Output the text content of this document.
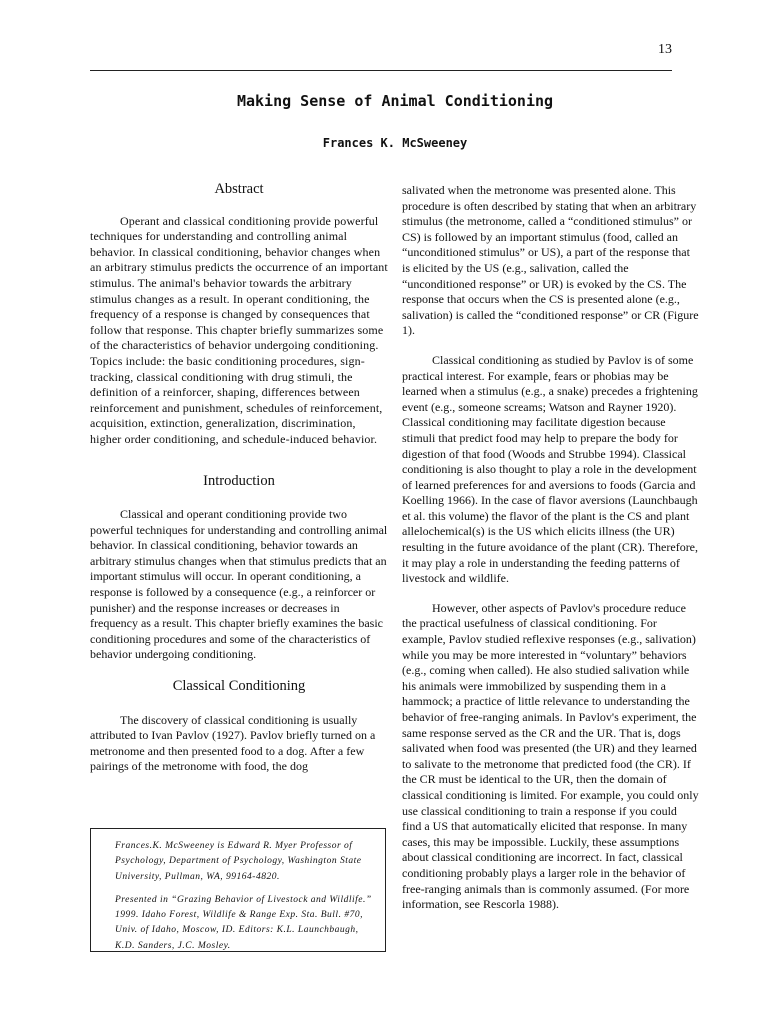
13
Making Sense of Animal Conditioning
Frances K. McSweeney
Abstract

Operant and classical conditioning provide powerful techniques for understanding and controlling animal behavior. In classical conditioning, behavior changes when an arbitrary stimulus predicts the occurrence of an important stimulus. The animal's behavior towards the arbitrary stimulus changes as a result. In operant conditioning, the frequency of a response is changed by consequences that follow that response. This chapter briefly summarizes some of the characteristics of behavior undergoing conditioning. Topics include: the basic conditioning procedures, sign-tracking, classical conditioning with drug stimuli, the definition of a reinforcer, shaping, differences between reinforcement and punishment, schedules of reinforcement, acquisition, extinction, generalization, discrimination, higher order conditioning, and schedule-induced behavior.

Introduction

Classical and operant conditioning provide two powerful techniques for understanding and controlling animal behavior. In classical conditioning, behavior towards an arbitrary stimulus changes when that stimulus predicts that an important stimulus will occur. In operant conditioning, a response is followed by a consequence (e.g., a reinforcer or punisher) and the response increases or decreases in frequency as a result. This chapter briefly examines the basic conditioning procedures and some of the characteristics of behavior undergoing conditioning.

Classical Conditioning

The discovery of classical conditioning is usually attributed to Ivan Pavlov (1927). Pavlov briefly turned on a metronome and then presented food to a dog. After a few pairings of the metronome with food, the dog

Frances.K. McSweeney is Edward R. Myer Professor of Psychology, Department of Psychology, Washington State University, Pullman, WA, 99164-4820.

Presented in “Grazing Behavior of Livestock and Wildlife.” 1999. Idaho Forest, Wildlife & Range Exp. Sta. Bull. #70, Univ. of Idaho, Moscow, ID. Editors: K.L. Launchbaugh, K.D. Sanders, J.C. Mosley.

salivated when the metronome was presented alone. This procedure is often described by stating that when an arbitrary stimulus (the metronome, called a “conditioned stimulus” or CS) is followed by an important stimulus (food, called an “unconditioned stimulus” or US), a part of the response that is elicited by the US (e.g., salivation, called the “unconditioned response” or UR) is evoked by the CS. The response that occurs when the CS is presented alone (e.g., salivation) is called the “conditioned response” or CR (Figure 1).

Classical conditioning as studied by Pavlov is of some practical interest. For example, fears or phobias may be learned when a stimulus (e.g., a snake) precedes a frightening event (e.g., someone screams; Watson and Rayner 1920). Classical conditioning may facilitate digestion because stimuli that predict food may help to prepare the body for digestion of that food (Woods and Strubbe 1994). Classical conditioning is also thought to play a role in the development of learned preferences for and aversions to foods (Garcia and Koelling 1966). In the case of flavor aversions (Launchbaugh et al. this volume) the flavor of the plant is the CS and plant allelochemical(s) is the US which elicits illness (the UR) resulting in the future avoidance of the plant (CR). Therefore, it may play a role in understanding the feeding patterns of livestock and wildlife.

However, other aspects of Pavlov's procedure reduce the practical usefulness of classical conditioning. For example, Pavlov studied reflexive responses (e.g., salivation) while you may be more interested in “voluntary” behaviors (e.g., coming when called). He also studied salivation while his animals were immobilized by suspending them in a hammock; a practice of little relevance to understanding the behavior of free-ranging animals. In Pavlov's experiment, the same response served as the CR and the UR. That is, dogs salivated when food was presented (the UR) and they learned to salivate to the metronome that predicted food (the CR). If the CR must be identical to the UR, then the domain of classical conditioning is limited. For example, you could only use classical conditioning to train a response if you could find a US that automatically elicited that response. In many cases, this may be impossible. Luckily, these assumptions about classical conditioning are incorrect. In fact, classical conditioning probably plays a larger role in the behavior of free-ranging animals than is commonly assumed. (For more information, see Rescorla 1988).
